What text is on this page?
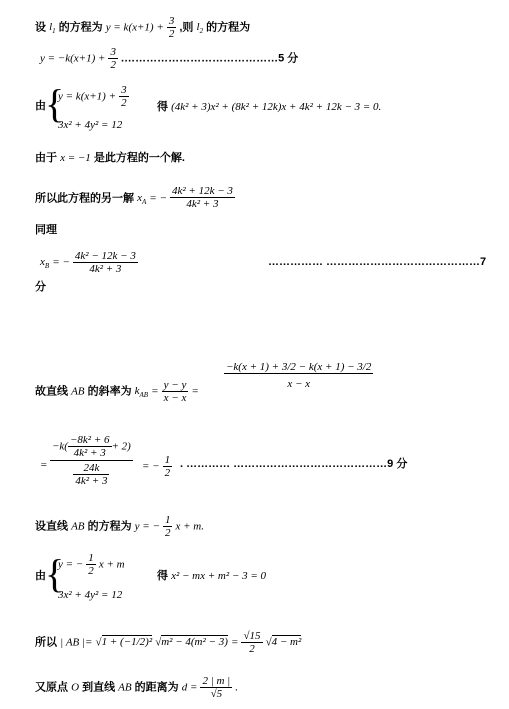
设 $l_1$ 的方程为 $y = k(x+1) + \frac{3}{2}$ ,则 $l_2$ 的方程为
$y = -k(x+1) + \frac{3}{2}$ .……………………………………5 分
由 {
$y = k(x+1) + \frac{3}{2}$
3x² + 4y² = 12
得 (4k² + 3)x² + (8k² + 12k)x + 4k² + 12k − 3 = 0.
由于 x = −1 是此方程的一个解.
所以此方程的另一解 $x_A$ = − $\frac{\text{4k² + 12k − 3}}{\text{4k² + 3}}$
同理
$x_B$ = − $\frac{\text{4k² − 12k − 3}}{\text{4k² + 3}}$	…………… ……………………………………7
分
故直线 AB 的斜率为 $k_{AB} = \frac{y - y}{x - x}$ =
$\frac{-k(x + 1) + 3/2 - k(x + 1) - 3/2}{x - x}$
= $\frac{-k( \frac{\text{−8k² + 6}}{\text{4k² + 3}} + 2)}{\frac{24k}{\text{4k² + 3}}}$ = − $\frac{1}{2}$ . ………… ……………………………………9 分
设直线 AB 的方程为 y = − $\frac{1}{2}$ x + m.
由 {
y = − $\frac{1}{2}$ x + m
3x² + 4y² = 12
得 x² − mx + m² − 3 = 0
所以 | AB |= √1 + (−1/2)² $√m^2 - 4(m^2 - 3) = \frac{√15}{2} √4 - m^2$
又原点 O 到直线 AB 的距离为 $d = \frac{2 | m |}{√5}$ .
